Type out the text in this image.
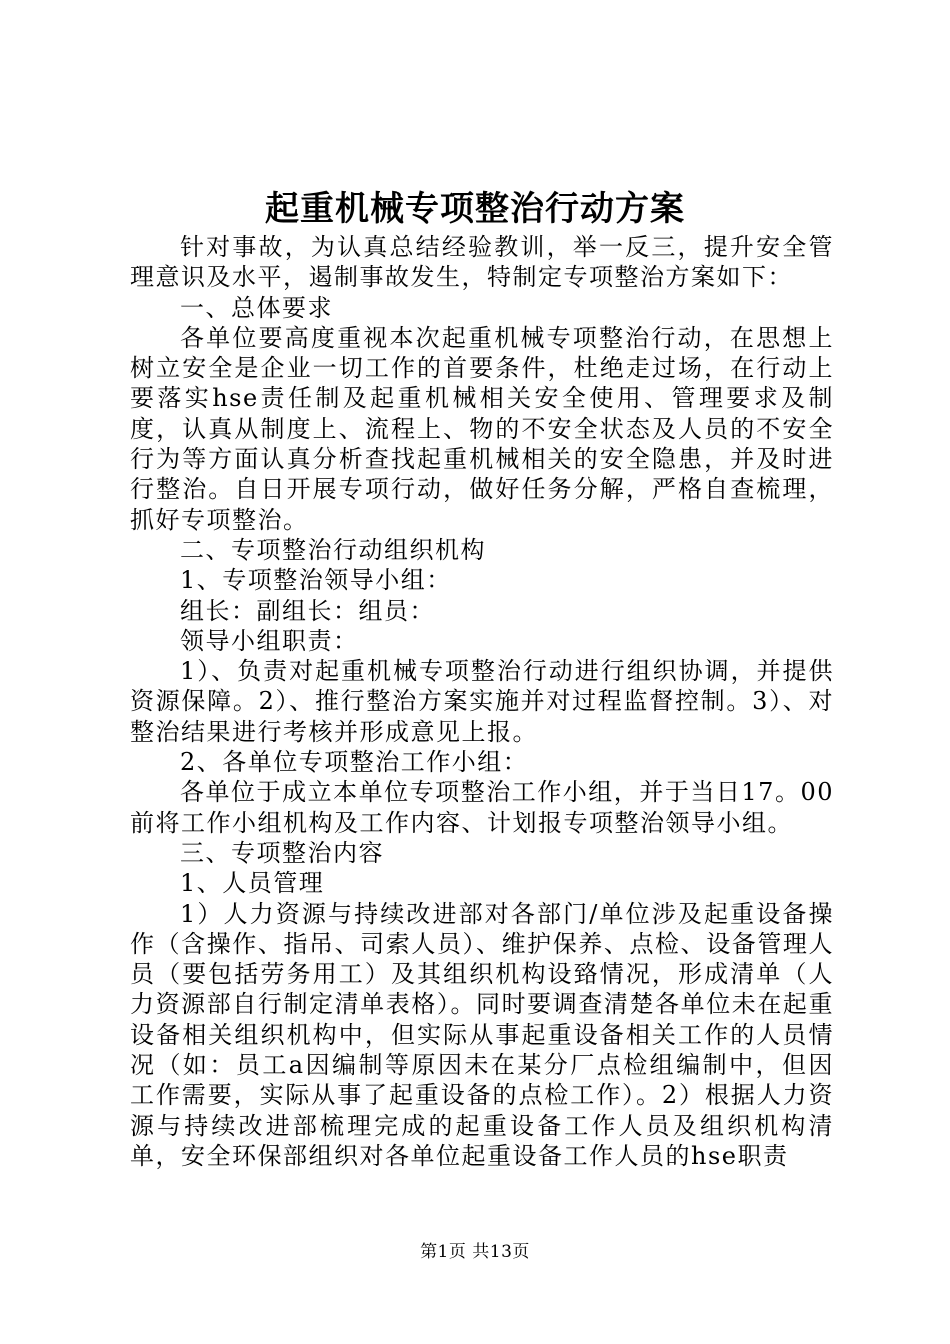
起重机械专项整治行动方案

针对事故，为认真总结经验教训，举一反三，提升安全管理意识及水平，遏制事故发生，特制定专项整治方案如下：

一、总体要求

各单位要高度重视本次起重机械专项整治行动，在思想上树立安全是企业一切工作的首要条件，杜绝走过场，在行动上要落实hse责任制及起重机械相关安全使用、管理要求及制度，认真从制度上、流程上、物的不安全状态及人员的不安全行为等方面认真分析查找起重机械相关的安全隐患，并及时进行整治。自日开展专项行动，做好任务分解，严格自查梳理，抓好专项整治。

二、专项整治行动组织机构

1、专项整治领导小组：

组长：副组长：组员：

领导小组职责：

1）、负责对起重机械专项整治行动进行组织协调，并提供资源保障。2）、推行整治方案实施并对过程监督控制。3）、对整治结果进行考核并形成意见上报。

2、各单位专项整治工作小组：

各单位于成立本单位专项整治工作小组，并于当日17。00前将工作小组机构及工作内容、计划报专项整治领导小组。

三、专项整治内容

1、人员管理

1）人力资源与持续改进部对各部门/单位涉及起重设备操作（含操作、指吊、司索人员）、维护保养、点检、设备管理人员（要包括劳务用工）及其组织机构设臵情况，形成清单（人力资源部自行制定清单表格）。同时要调查清楚各单位未在起重设备相关组织机构中，但实际从事起重设备相关工作的人员情况（如：员工a因编制等原因未在某分厂点检组编制中，但因工作需要，实际从事了起重设备的点检工作）。2）根据人力资源与持续改进部梳理完成的起重设备工作人员及组织机构清单，安全环保部组织对各单位起重设备工作人员的hse职责

第1页 共13页
